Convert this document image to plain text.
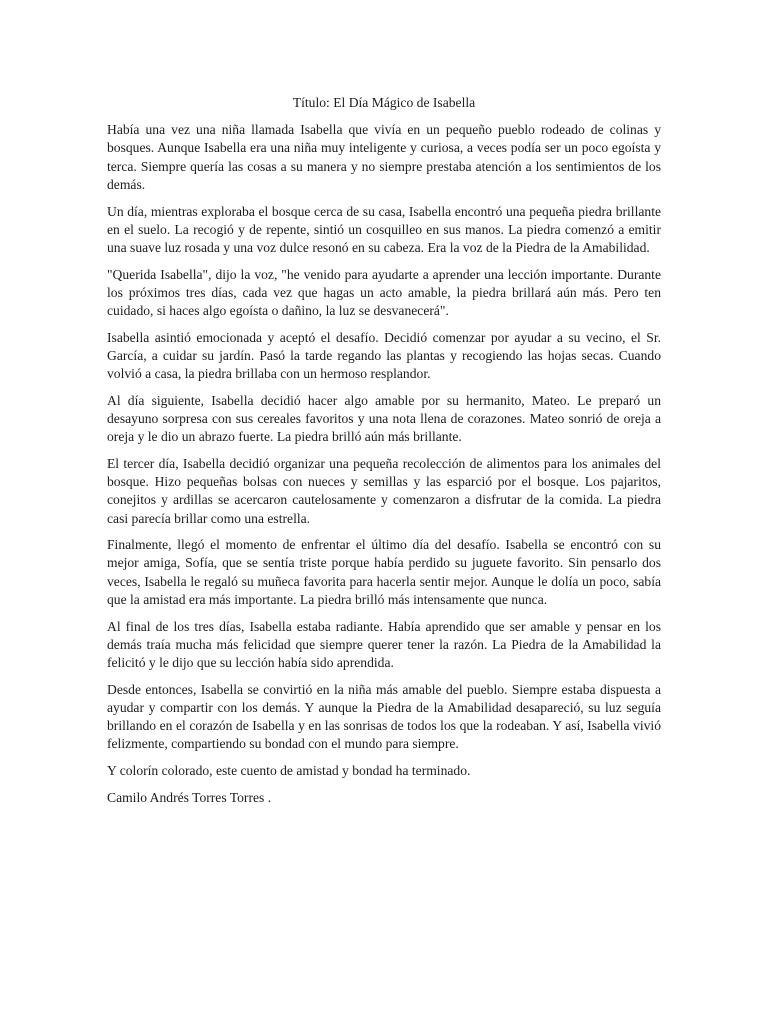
Título: El Día Mágico de Isabella

Había una vez una niña llamada Isabella que vivía en un pequeño pueblo rodeado de colinas y bosques. Aunque Isabella era una niña muy inteligente y curiosa, a veces podía ser un poco egoísta y terca. Siempre quería las cosas a su manera y no siempre prestaba atención a los sentimientos de los demás.

Un día, mientras exploraba el bosque cerca de su casa, Isabella encontró una pequeña piedra brillante en el suelo. La recogió y de repente, sintió un cosquilleo en sus manos. La piedra comenzó a emitir una suave luz rosada y una voz dulce resonó en su cabeza. Era la voz de la Piedra de la Amabilidad.

"Querida Isabella", dijo la voz, "he venido para ayudarte a aprender una lección importante. Durante los próximos tres días, cada vez que hagas un acto amable, la piedra brillará aún más. Pero ten cuidado, si haces algo egoísta o dañino, la luz se desvanecerá".

Isabella asintió emocionada y aceptó el desafío. Decidió comenzar por ayudar a su vecino, el Sr. García, a cuidar su jardín. Pasó la tarde regando las plantas y recogiendo las hojas secas. Cuando volvió a casa, la piedra brillaba con un hermoso resplandor.

Al día siguiente, Isabella decidió hacer algo amable por su hermanito, Mateo. Le preparó un desayuno sorpresa con sus cereales favoritos y una nota llena de corazones. Mateo sonrió de oreja a oreja y le dio un abrazo fuerte. La piedra brilló aún más brillante.

El tercer día, Isabella decidió organizar una pequeña recolección de alimentos para los animales del bosque. Hizo pequeñas bolsas con nueces y semillas y las esparció por el bosque. Los pajaritos, conejitos y ardillas se acercaron cautelosamente y comenzaron a disfrutar de la comida. La piedra casi parecía brillar como una estrella.

Finalmente, llegó el momento de enfrentar el último día del desafío. Isabella se encontró con su mejor amiga, Sofía, que se sentía triste porque había perdido su juguete favorito. Sin pensarlo dos veces, Isabella le regaló su muñeca favorita para hacerla sentir mejor. Aunque le dolía un poco, sabía que la amistad era más importante. La piedra brilló más intensamente que nunca.

Al final de los tres días, Isabella estaba radiante. Había aprendido que ser amable y pensar en los demás traía mucha más felicidad que siempre querer tener la razón. La Piedra de la Amabilidad la felicitó y le dijo que su lección había sido aprendida.

Desde entonces, Isabella se convirtió en la niña más amable del pueblo. Siempre estaba dispuesta a ayudar y compartir con los demás. Y aunque la Piedra de la Amabilidad desapareció, su luz seguía brillando en el corazón de Isabella y en las sonrisas de todos los que la rodeaban. Y así, Isabella vivió felizmente, compartiendo su bondad con el mundo para siempre.

Y colorín colorado, este cuento de amistad y bondad ha terminado.

Camilo Andrés Torres Torres .
